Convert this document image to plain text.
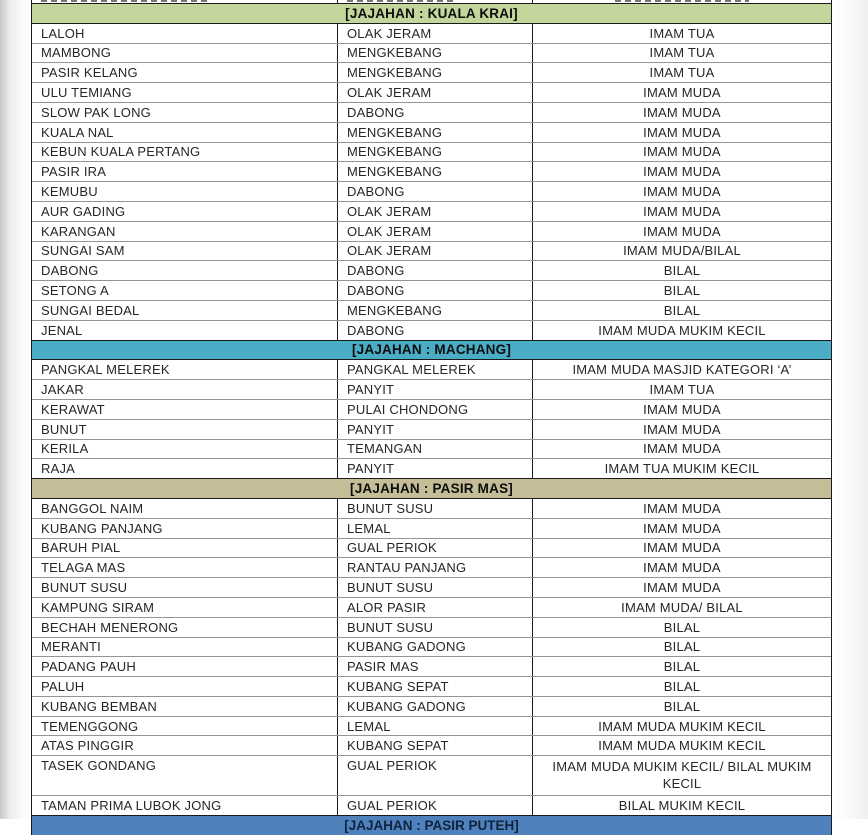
[JAJAHAN : KUALA KRAI]
LALOH	OLAK JERAM	IMAM TUA
MAMBONG	MENGKEBANG	IMAM TUA
PASIR KELANG	MENGKEBANG	IMAM TUA
ULU TEMIANG	OLAK JERAM	IMAM MUDA
SLOW PAK LONG	DABONG	IMAM MUDA
KUALA NAL	MENGKEBANG	IMAM MUDA
KEBUN KUALA PERTANG	MENGKEBANG	IMAM MUDA
PASIR IRA	MENGKEBANG	IMAM MUDA
KEMUBU	DABONG	IMAM MUDA
AUR GADING	OLAK JERAM	IMAM MUDA
KARANGAN	OLAK JERAM	IMAM MUDA
SUNGAI SAM	OLAK JERAM	IMAM MUDA/BILAL
DABONG	DABONG	BILAL
SETONG A	DABONG	BILAL
SUNGAI BEDAL	MENGKEBANG	BILAL
JENAL	DABONG	IMAM MUDA MUKIM KECIL
[JAJAHAN : MACHANG]
PANGKAL MELEREK	PANGKAL MELEREK	IMAM MUDA MASJID KATEGORI ‘A’
JAKAR	PANYIT	IMAM TUA
KERAWAT	PULAI CHONDONG	IMAM MUDA
BUNUT	PANYIT	IMAM MUDA
KERILA	TEMANGAN	IMAM MUDA
RAJA	PANYIT	IMAM TUA MUKIM KECIL
[JAJAHAN : PASIR MAS]
BANGGOL NAIM	BUNUT SUSU	IMAM MUDA
KUBANG PANJANG	LEMAL	IMAM MUDA
BARUH PIAL	GUAL PERIOK	IMAM MUDA
TELAGA MAS	RANTAU PANJANG	IMAM MUDA
BUNUT SUSU	BUNUT SUSU	IMAM MUDA
KAMPUNG SIRAM	ALOR PASIR	IMAM MUDA/ BILAL
BECHAH MENERONG	BUNUT SUSU	BILAL
MERANTI	KUBANG GADONG	BILAL
PADANG PAUH	PASIR MAS	BILAL
PALUH	KUBANG SEPAT	BILAL
KUBANG BEMBAN	KUBANG GADONG	BILAL
TEMENGGONG	LEMAL	IMAM MUDA MUKIM KECIL
ATAS PINGGIR	KUBANG SEPAT	IMAM MUDA MUKIM KECIL
TASEK GONDANG	GUAL PERIOK	IMAM MUDA MUKIM KECIL/ BILAL MUKIM KECIL
TAMAN PRIMA LUBOK JONG	GUAL PERIOK	BILAL MUKIM KECIL
[JAJAHAN : PASIR PUTEH]
